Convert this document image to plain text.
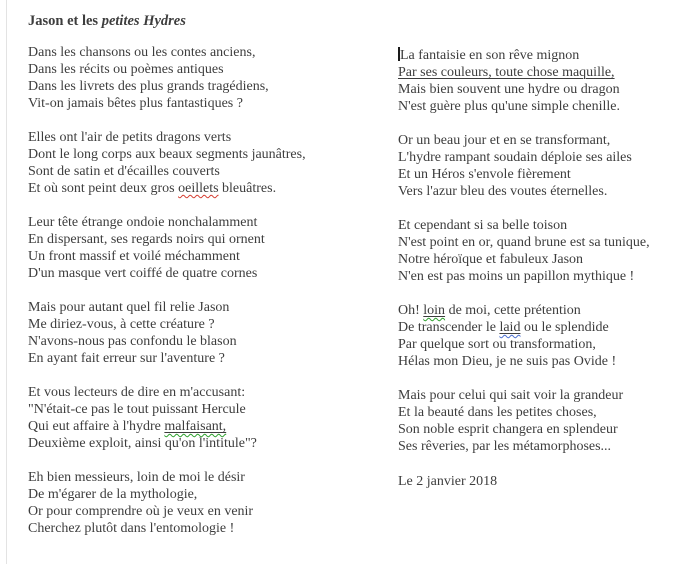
Jason et les petites Hydres
Dans les chansons ou les contes anciens,
Dans les récits ou poèmes antiques
Dans les livrets des plus grands tragédiens,
Vit-on jamais bêtes plus fantastiques ?
Elles ont l'air de petits dragons verts
Dont le long corps aux beaux segments jaunâtres,
Sont de satin et d'écailles couverts
Et où sont peint deux gros oeillets bleuâtres.
Leur tête étrange ondoie nonchalamment
En dispersant, ses regards noirs qui ornent
Un front massif et voilé méchamment
D'un masque vert coiffé de quatre cornes
Mais pour autant quel fil relie Jason
Me diriez-vous, à cette créature ?
N'avons-nous pas confondu le blason
En ayant fait erreur sur l'aventure ?
Et vous lecteurs de dire en m'accusant:
"N'était-ce pas le tout puissant Hercule
Qui eut affaire à l'hydre malfaisant,
Deuxième exploit, ainsi qu'on l'intitule"?
Eh bien messieurs, loin de moi le désir
De m'égarer de la mythologie,
Or pour comprendre où je veux en venir
Cherchez plutôt dans l'entomologie !
La fantaisie en son rêve mignon
Par ses couleurs, toute chose maquille,
Mais bien souvent une hydre ou dragon
N'est guère plus qu'une simple chenille.
Or un beau jour et en se transformant,
L'hydre rampant soudain déploie ses ailes
Et un Héros s'envole fièrement
Vers l'azur bleu des voutes éternelles.
Et cependant si sa belle toison
N'est point en or, quand brune est sa tunique,
Notre héroïque et fabuleux Jason
N'en est pas moins un papillon mythique !
Oh! loin de moi, cette prétention
De transcender le laid ou le splendide
Par quelque sort ou transformation,
Hélas mon Dieu, je ne suis pas Ovide !
Mais pour celui qui sait voir la grandeur
Et la beauté dans les petites choses,
Son noble esprit changera en splendeur
Ses rêveries, par les métamorphoses...
Le 2 janvier 2018
